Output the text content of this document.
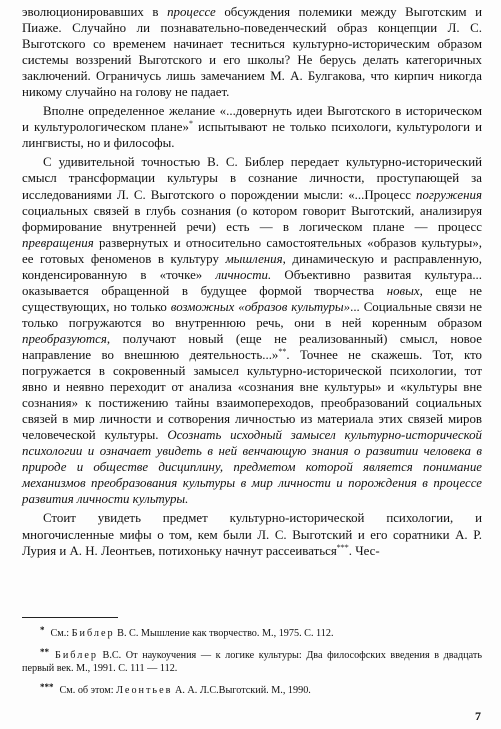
эволюционировавших в процессе обсуждения полемики между Выготским и Пиаже. Случайно ли познавательно-поведенческий образ концепции Л. С. Выготского со временем начинает тесниться культурно-историческим образом системы воззрений Выготского и его школы? Не берусь делать категоричных заключений. Ограничусь лишь замечанием М. А. Булгакова, что кирпич никогда никому случайно на голову не падает.

Вполне определенное желание «...довернуть идеи Выготского в историческом и культурологическом плане»* испытывают не только психологи, культурологи и лингвисты, но и философы.

С удивительной точностью В. С. Библер передает культурно-исторический смысл трансформации культуры в сознание личности, проступающей за исследованиями Л. С. Выготского о порождении мысли: «...Процесс погружения социальных связей в глубь сознания (о котором говорит Выготский, анализируя формирование внутренней речи) есть — в логическом плане — процесс превращения развернутых и относительно самостоятельных «образов культуры», ее готовых феноменов в культуру мышления, динамическую и расправленную, конденсированную в «точке» личности. Объективно развитая культура... оказывается обращенной в будущее формой творчества новых, еще не существующих, но только возможных «образов культуры»... Социальные связи не только погружаются во внутреннюю речь, они в ней коренным образом преобразуются, получают новый (еще не реализованный) смысл, новое направление во внешнюю деятельность...»**. Точнее не скажешь. Тот, кто погружается в сокровенный замысел культурно-исторической психологии, тот явно и неявно переходит от анализа «сознания вне культуры» и «культуры вне сознания» к постижению тайны взаимопереходов, преобразований социальных связей в мир личности и сотворения личностью из материала этих связей миров человеческой культуры. Осознать исходный замысел культурно-исторической психологии и означает увидеть в ней венчающую знания о развитии человека в природе и обществе дисциплину, предметом которой является понимание механизмов преобразования культуры в мир личности и порождения в процессе развития личности культуры.

Стоит увидеть предмет культурно-исторической психологии, и многочисленные мифы о том, кем были Л. С. Выготский и его соратники А. Р. Лурия и А. Н. Леонтьев, потихоньку начнут рассеиваться***. Чес-

* См.: Библер В. С. Мышление как творчество. М., 1975. С. 112.

** Библер В.С. От наукоучения — к логике культуры: Два философских введения в двадцать первый век. М., 1991. С. 111 — 112.

*** См. об этом: Леонтьев А. А. Л.С.Выготский. М., 1990.

7
